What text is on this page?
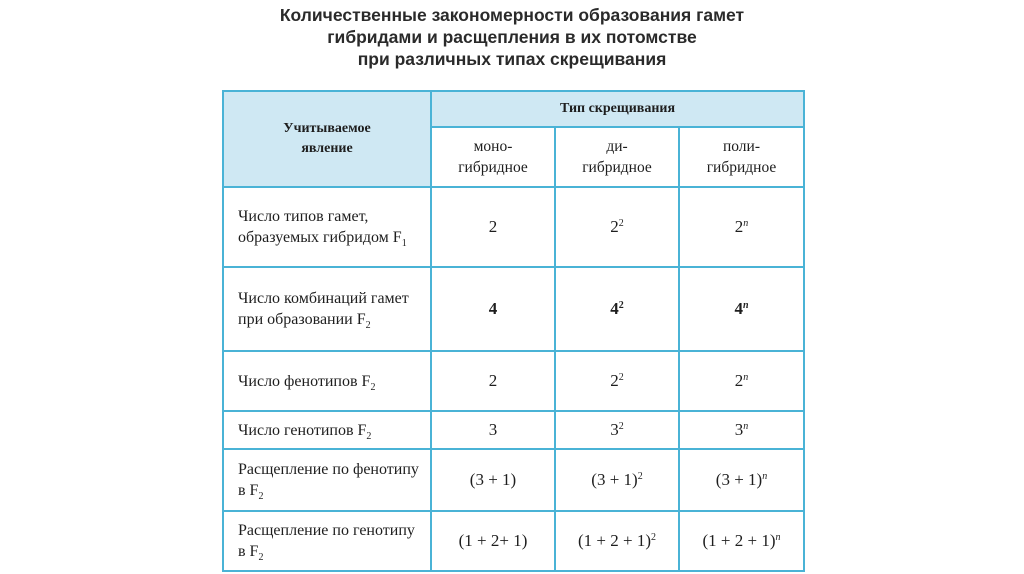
Количественные закономерности образования гамет
гибридами и расщепления в их потомстве
при различных типах скрещивания
Учитываемое явление	Тип скрещивания		

	моно-гибридное	ди-гибридное	поли-гибридное

Число типов гамет, образуемых гибридом $F_1$	2	$2^2$	2$^n$
Число комбинаций гамет при образовании $F_2$	4	$4^2$	4$^n$
Число фенотипов $F_2$	2	$2^2$	2$^n$
Число генотипов $F_2$	3	$3^2$	3$^n$
Расщепление по фенотипу в $F_2$	(3 + 1)	$(3 + 1)^2$	$(3 + 1)^n$
Расщепление по генотипу в $F_2$	(1 + 2+ 1)	$(1 + 2 + 1)^2$	$(1 + 2 + 1)^n$
